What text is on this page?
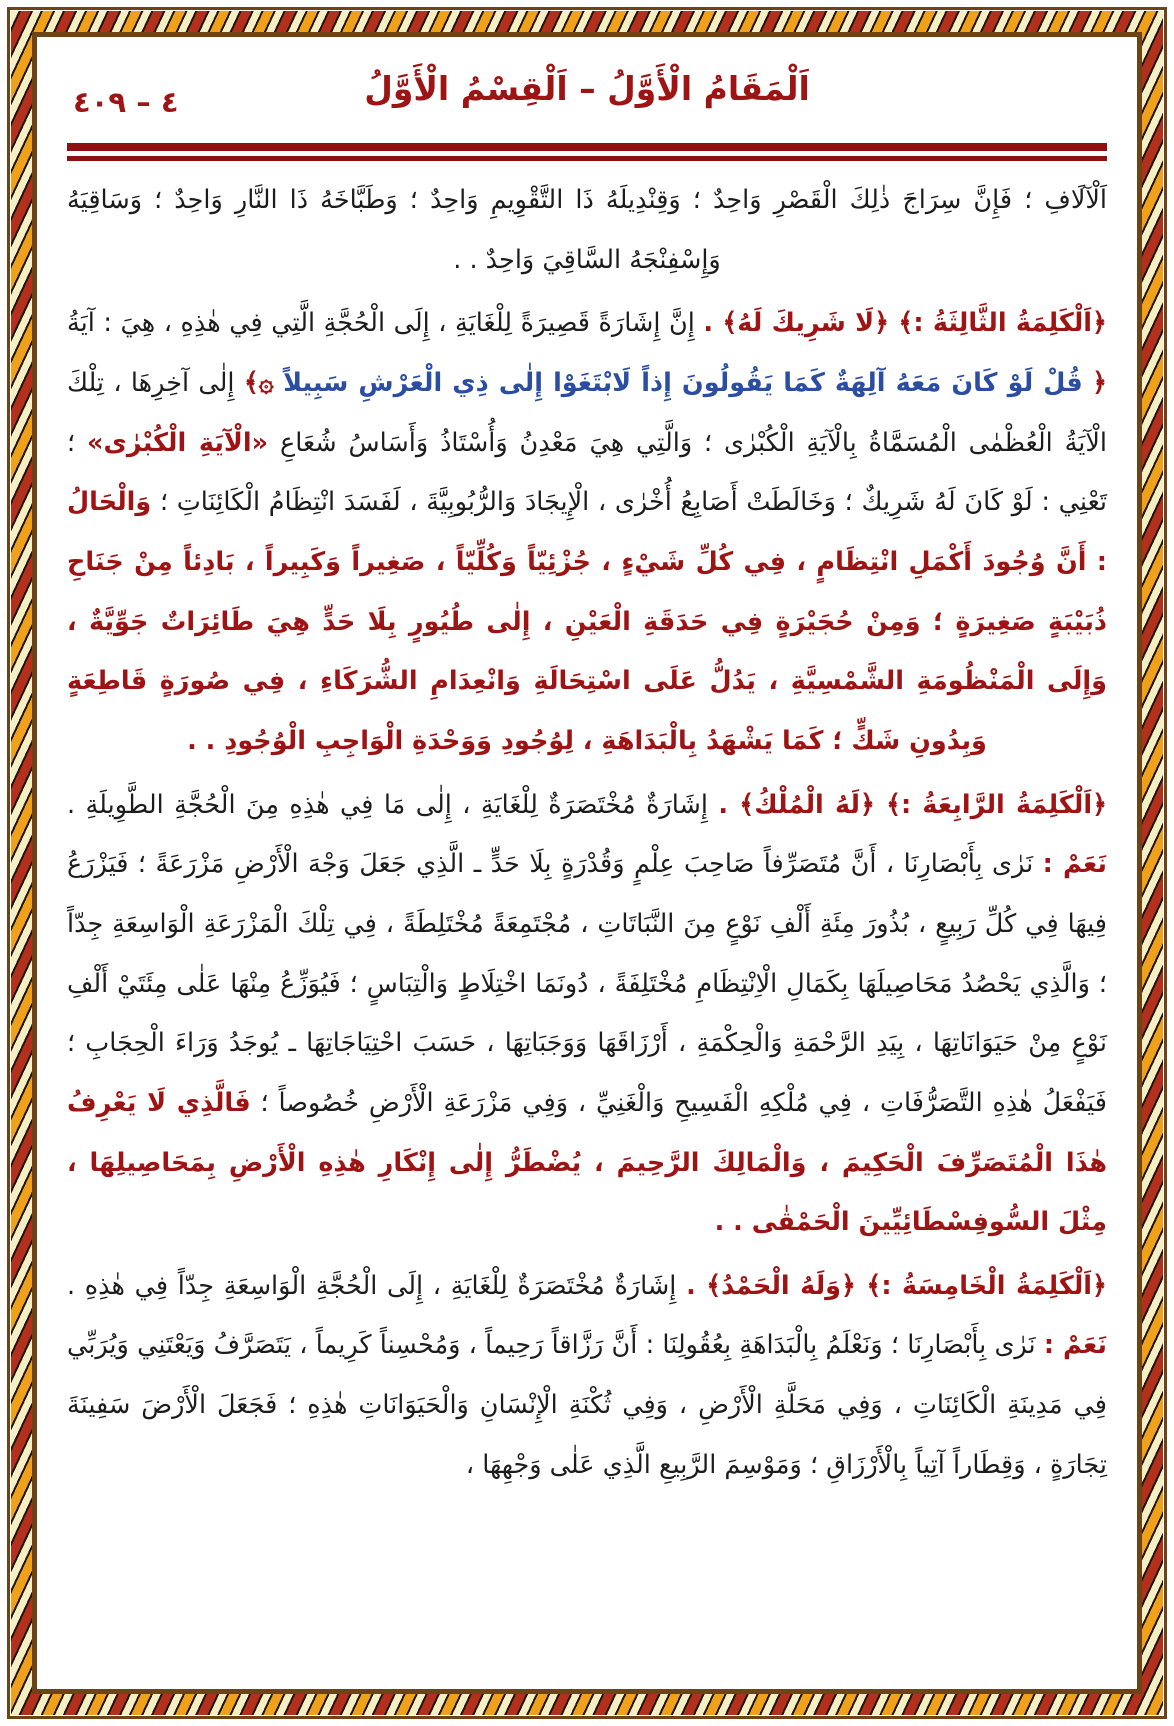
اَلْمَقَامُ الْأَوَّلُ – اَلْقِسْمُ الْأَوَّلُ
٤ – ٤٠٩
اَلْآلَافِ ؛ فَإِنَّ سِرَاجَ ذٰلِكَ الْقَصْرِ وَاحِدٌ ؛ وَقِنْدِيلَهُ ذَا التَّقْوِيمِ وَاحِدٌ ؛ وَطَبَّاخَهُ ذَا النَّارِ وَاحِدٌ ؛ وَسَاقِيَهُ وَإِسْفِنْجَهُ السَّاقِيَ وَاحِدٌ . .
﴿اَلْكَلِمَةُ الثَّالِثَةُ :﴾ ﴿لَا شَرِيكَ لَهُ﴾ . إِنَّ إِشَارَةً قَصِيرَةً لِلْغَايَةِ ، إِلَى الْحُجَّةِ الَّتِي فِي هٰذِهِ ، هِيَ : آيَةُ ﴿ قُلْ لَوْ كَانَ مَعَهُ آلِهَةٌ كَمَا يَقُولُونَ إِذاً لَابْتَغَوْا إِلٰى ذِي الْعَرْشِ سَبِيلاً ۞﴾ إِلٰى آخِرِهَا ، تِلْكَ الْآيَةُ الْعُظْمٰى الْمُسَمَّاةُ بِالْآيَةِ الْكُبْرٰى ؛ وَالَّتِي هِيَ مَعْدِنُ وَأُسْتَاذُ وَأَسَاسُ شُعَاعِ «الْآيَةِ الْكُبْرٰى» ؛ تَعْنِي : لَوْ كَانَ لَهُ شَرِيكٌ ؛ وَخَالَطَتْ أَصَابِعُ أُخْرٰى ، الْإِيجَادَ وَالرُّبُوبِيَّةَ ، لَفَسَدَ انْتِظَامُ الْكَائِنَاتِ ؛ وَالْحَالُ : أَنَّ وُجُودَ أَكْمَلِ انْتِظَامٍ ، فِي كُلِّ شَيْءٍ ، جُزْئِيّاً وَكُلِّيّاً ، صَغِيراً وَكَبِيراً ، بَادِئاً مِنْ جَنَاحِ ذُبَيْبَةٍ صَغِيرَةٍ ؛ وَمِنْ حُجَيْرَةٍ فِي حَدَقَةِ الْعَيْنِ ، إِلٰى طُيُورٍ بِلَا حَدٍّ هِيَ طَائِرَاتٌ جَوِّيَّةٌ ، وَإِلَى الْمَنْظُومَةِ الشَّمْسِيَّةِ ، يَدُلُّ عَلَى اسْتِحَالَةِ وَانْعِدَامِ الشُّرَكَاءِ ، فِي صُورَةٍ قَاطِعَةٍ وَبِدُونِ شَكٍّ ؛ كَمَا يَشْهَدُ بِالْبَدَاهَةِ ، لِوُجُودِ وَوَحْدَةِ الْوَاجِبِ الْوُجُودِ . .
﴿اَلْكَلِمَةُ الرَّابِعَةُ :﴾ ﴿لَهُ الْمُلْكُ﴾ . إِشَارَةٌ مُخْتَصَرَةٌ لِلْغَايَةِ ، إِلٰى مَا فِي هٰذِهِ مِنَ الْحُجَّةِ الطَّوِيلَةِ . نَعَمْ : نَرٰى بِأَبْصَارِنَا ، أَنَّ مُتَصَرِّفاً صَاحِبَ عِلْمٍ وَقُدْرَةٍ بِلَا حَدٍّ ـ الَّذِي جَعَلَ وَجْهَ الْأَرْضِ مَزْرَعَةً ؛ فَيَزْرَعُ فِيهَا فِي كُلِّ رَبِيعٍ ، بُذُورَ مِئَةِ أَلْفِ نَوْعٍ مِنَ النَّبَاتَاتِ ، مُجْتَمِعَةً مُخْتَلِطَةً ، فِي تِلْكَ الْمَزْرَعَةِ الْوَاسِعَةِ جِدّاً ؛ وَالَّذِي يَحْصُدُ مَحَاصِيلَهَا بِكَمَالِ الْاِنْتِظَامِ مُخْتَلِفَةً ، دُونَمَا اخْتِلَاطٍ وَالْتِبَاسٍ ؛ فَيُوَزِّعُ مِنْهَا عَلٰى مِئَتَيْ أَلْفِ نَوْعٍ مِنْ حَيَوَانَاتِهَا ، بِيَدِ الرَّحْمَةِ وَالْحِكْمَةِ ، أَرْزَاقَهَا وَوَجَبَاتِهَا ، حَسَبَ احْتِيَاجَاتِهَا ـ يُوجَدُ وَرَاءَ الْحِجَابِ ؛ فَيَفْعَلُ هٰذِهِ التَّصَرُّفَاتِ ، فِي مُلْكِهِ الْفَسِيحِ وَالْغَنِيِّ ، وَفِي مَزْرَعَةِ الْأَرْضِ خُصُوصاً ؛ فَالَّذِي لَا يَعْرِفُ هٰذَا الْمُتَصَرِّفَ الْحَكِيمَ ، وَالْمَالِكَ الرَّحِيمَ ، يُضْطَرُّ إِلٰى إِنْكَارِ هٰذِهِ الْأَرْضِ بِمَحَاصِيلِهَا ، مِثْلَ السُّوفِسْطَائِيِّينَ الْحَمْقٰى . .
﴿اَلْكَلِمَةُ الْخَامِسَةُ :﴾ ﴿وَلَهُ الْحَمْدُ﴾ . إِشَارَةٌ مُخْتَصَرَةٌ لِلْغَايَةِ ، إِلَى الْحُجَّةِ الْوَاسِعَةِ جِدّاً فِي هٰذِهِ . نَعَمْ : نَرٰى بِأَبْصَارِنَا ؛ وَنَعْلَمُ بِالْبَدَاهَةِ بِعُقُولِنَا : أَنَّ رَزَّاقاً رَحِيماً ، وَمُحْسِناً كَرِيماً ، يَتَصَرَّفُ وَيَعْتَنِي وَيُرَبِّي فِي مَدِينَةِ الْكَائِنَاتِ ، وَفِي مَحَلَّةِ الْأَرْضِ ، وَفِي ثُكْنَةِ الْإِنْسَانِ وَالْحَيَوَانَاتِ هٰذِهِ ؛ فَجَعَلَ الْأَرْضَ سَفِينَةَ تِجَارَةٍ ، وَقِطَاراً آتِياً بِالْأَرْزَاقِ ؛ وَمَوْسِمَ الرَّبِيعِ الَّذِي عَلٰى وَجْهِهَا ،
